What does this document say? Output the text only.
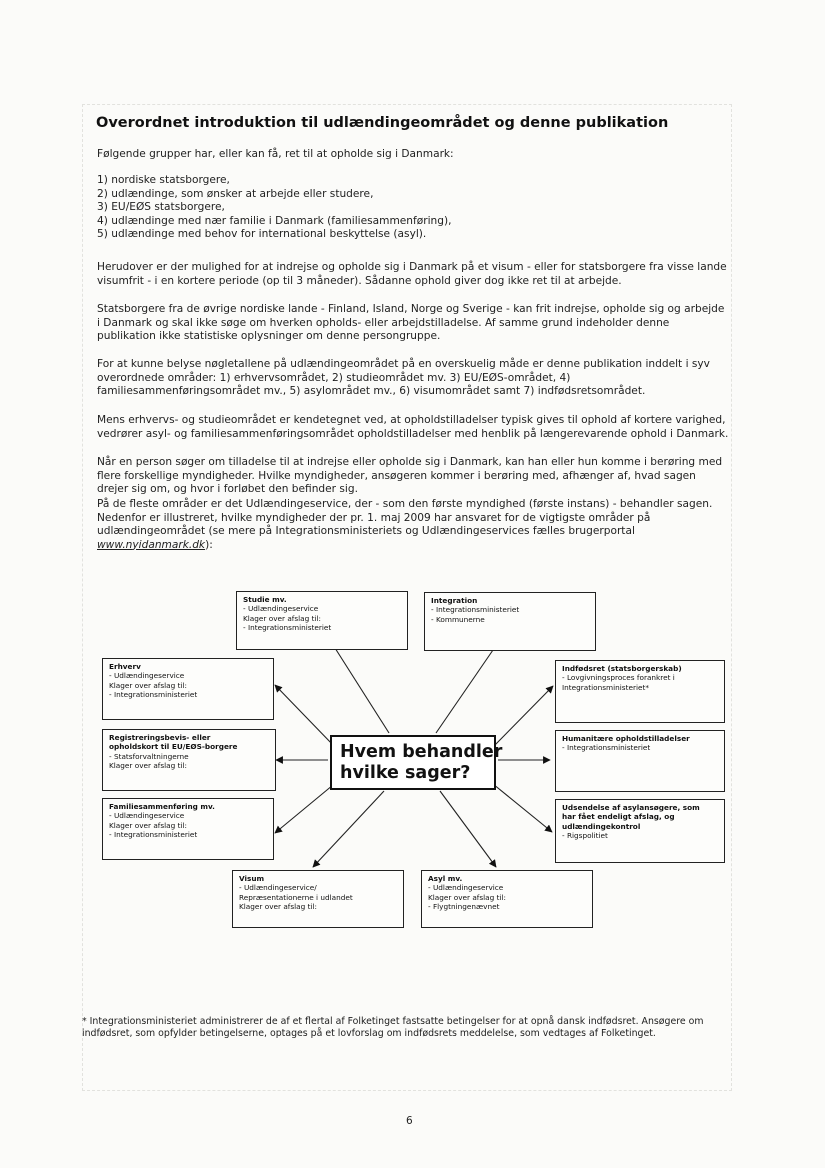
Overordnet introduktion til udlændingeområdet og denne publikation

Følgende grupper har, eller kan få, ret til at opholde sig i Danmark:

1) nordiske statsborgere,
2) udlændinge, som ønsker at arbejde eller studere,
3) EU/EØS statsborgere,
4) udlændinge med nær familie i Danmark (familiesammenføring),
5) udlændinge med behov for international beskyttelse (asyl).

Herudover er der mulighed for at indrejse og opholde sig i Danmark på et visum - eller for statsborgere fra visse lande visumfrit - i en kortere periode (op til 3 måneder). Sådanne ophold giver dog ikke ret til at arbejde.

Statsborgere fra de øvrige nordiske lande - Finland, Island, Norge og Sverige - kan frit indrejse, opholde sig og arbejde i Danmark og skal ikke søge om hverken opholds- eller arbejdstilladelse. Af samme grund indeholder denne publikation ikke statistiske oplysninger om denne persongruppe.

For at kunne belyse nøgletallene på udlændingeområdet på en overskuelig måde er denne publikation inddelt i syv overordnede områder: 1) erhvervsområdet, 2) studieområdet mv. 3) EU/EØS-området, 4) familiesammenføringsområdet mv., 5) asylområdet mv., 6) visumområdet samt 7) indfødsretsområdet.

Mens erhvervs- og studieområdet er kendetegnet ved, at opholdstilladelser typisk gives til ophold af kortere varighed, vedrører asyl- og familiesammenføringsområdet opholdstilladelser med henblik på længerevarende ophold i Danmark.

Når en person søger om tilladelse til at indrejse eller opholde sig i Danmark, kan han eller hun komme i berøring med flere forskellige myndigheder. Hvilke myndigheder, ansøgeren kommer i berøring med, afhænger af, hvad sagen drejer sig om, og hvor i forløbet den befinder sig.

På de fleste områder er det Udlændingeservice, der - som den første myndighed (første instans) - behandler sagen. Nedenfor er illustreret, hvilke myndigheder der pr. 1. maj 2009 har ansvaret for de vigtigste områder på udlændingeområdet (se mere på Integrationsministeriets og Udlændingeservices fælles brugerportal www.nyidanmark.dk):

Studie mv.
- Udlændingeservice
Klager over afslag til:
- Integrationsministeriet
Integration
- Integrationsministeriet
- Kommunerne
Erhverv
- Udlændingeservice
Klager over afslag til:
- Integrationsministeriet
Indfødsret (statsborgerskab)
- Lovgivningsproces forankret i
Integrationsministeriet*
Registreringsbevis- eller
opholdskort til EU/EØS-borgere
- Statsforvaltningerne
Klager over afslag til:
Humanitære opholdstilladelser
- Integrationsministeriet
Hvem behandler
hvilke sager?
Familiesammenføring mv.
- Udlændingeservice
Klager over afslag til:
- Integrationsministeriet
Udsendelse af asylansøgere, som
har fået endeligt afslag, og
udlændingekontrol
- Rigspolitiet
Visum
- Udlændingeservice/
Repræsentationerne i udlandet
Klager over afslag til:
Asyl mv.
- Udlændingeservice
Klager over afslag til:
- Flygtningenævnet

* Integrationsministeriet administrerer de af et flertal af Folketinget fastsatte betingelser for at opnå dansk indfødsret. Ansøgere om indfødsret, som opfylder betingelserne, optages på et lovforslag om indfødsrets meddelelse, som vedtages af Folketinget.

6
